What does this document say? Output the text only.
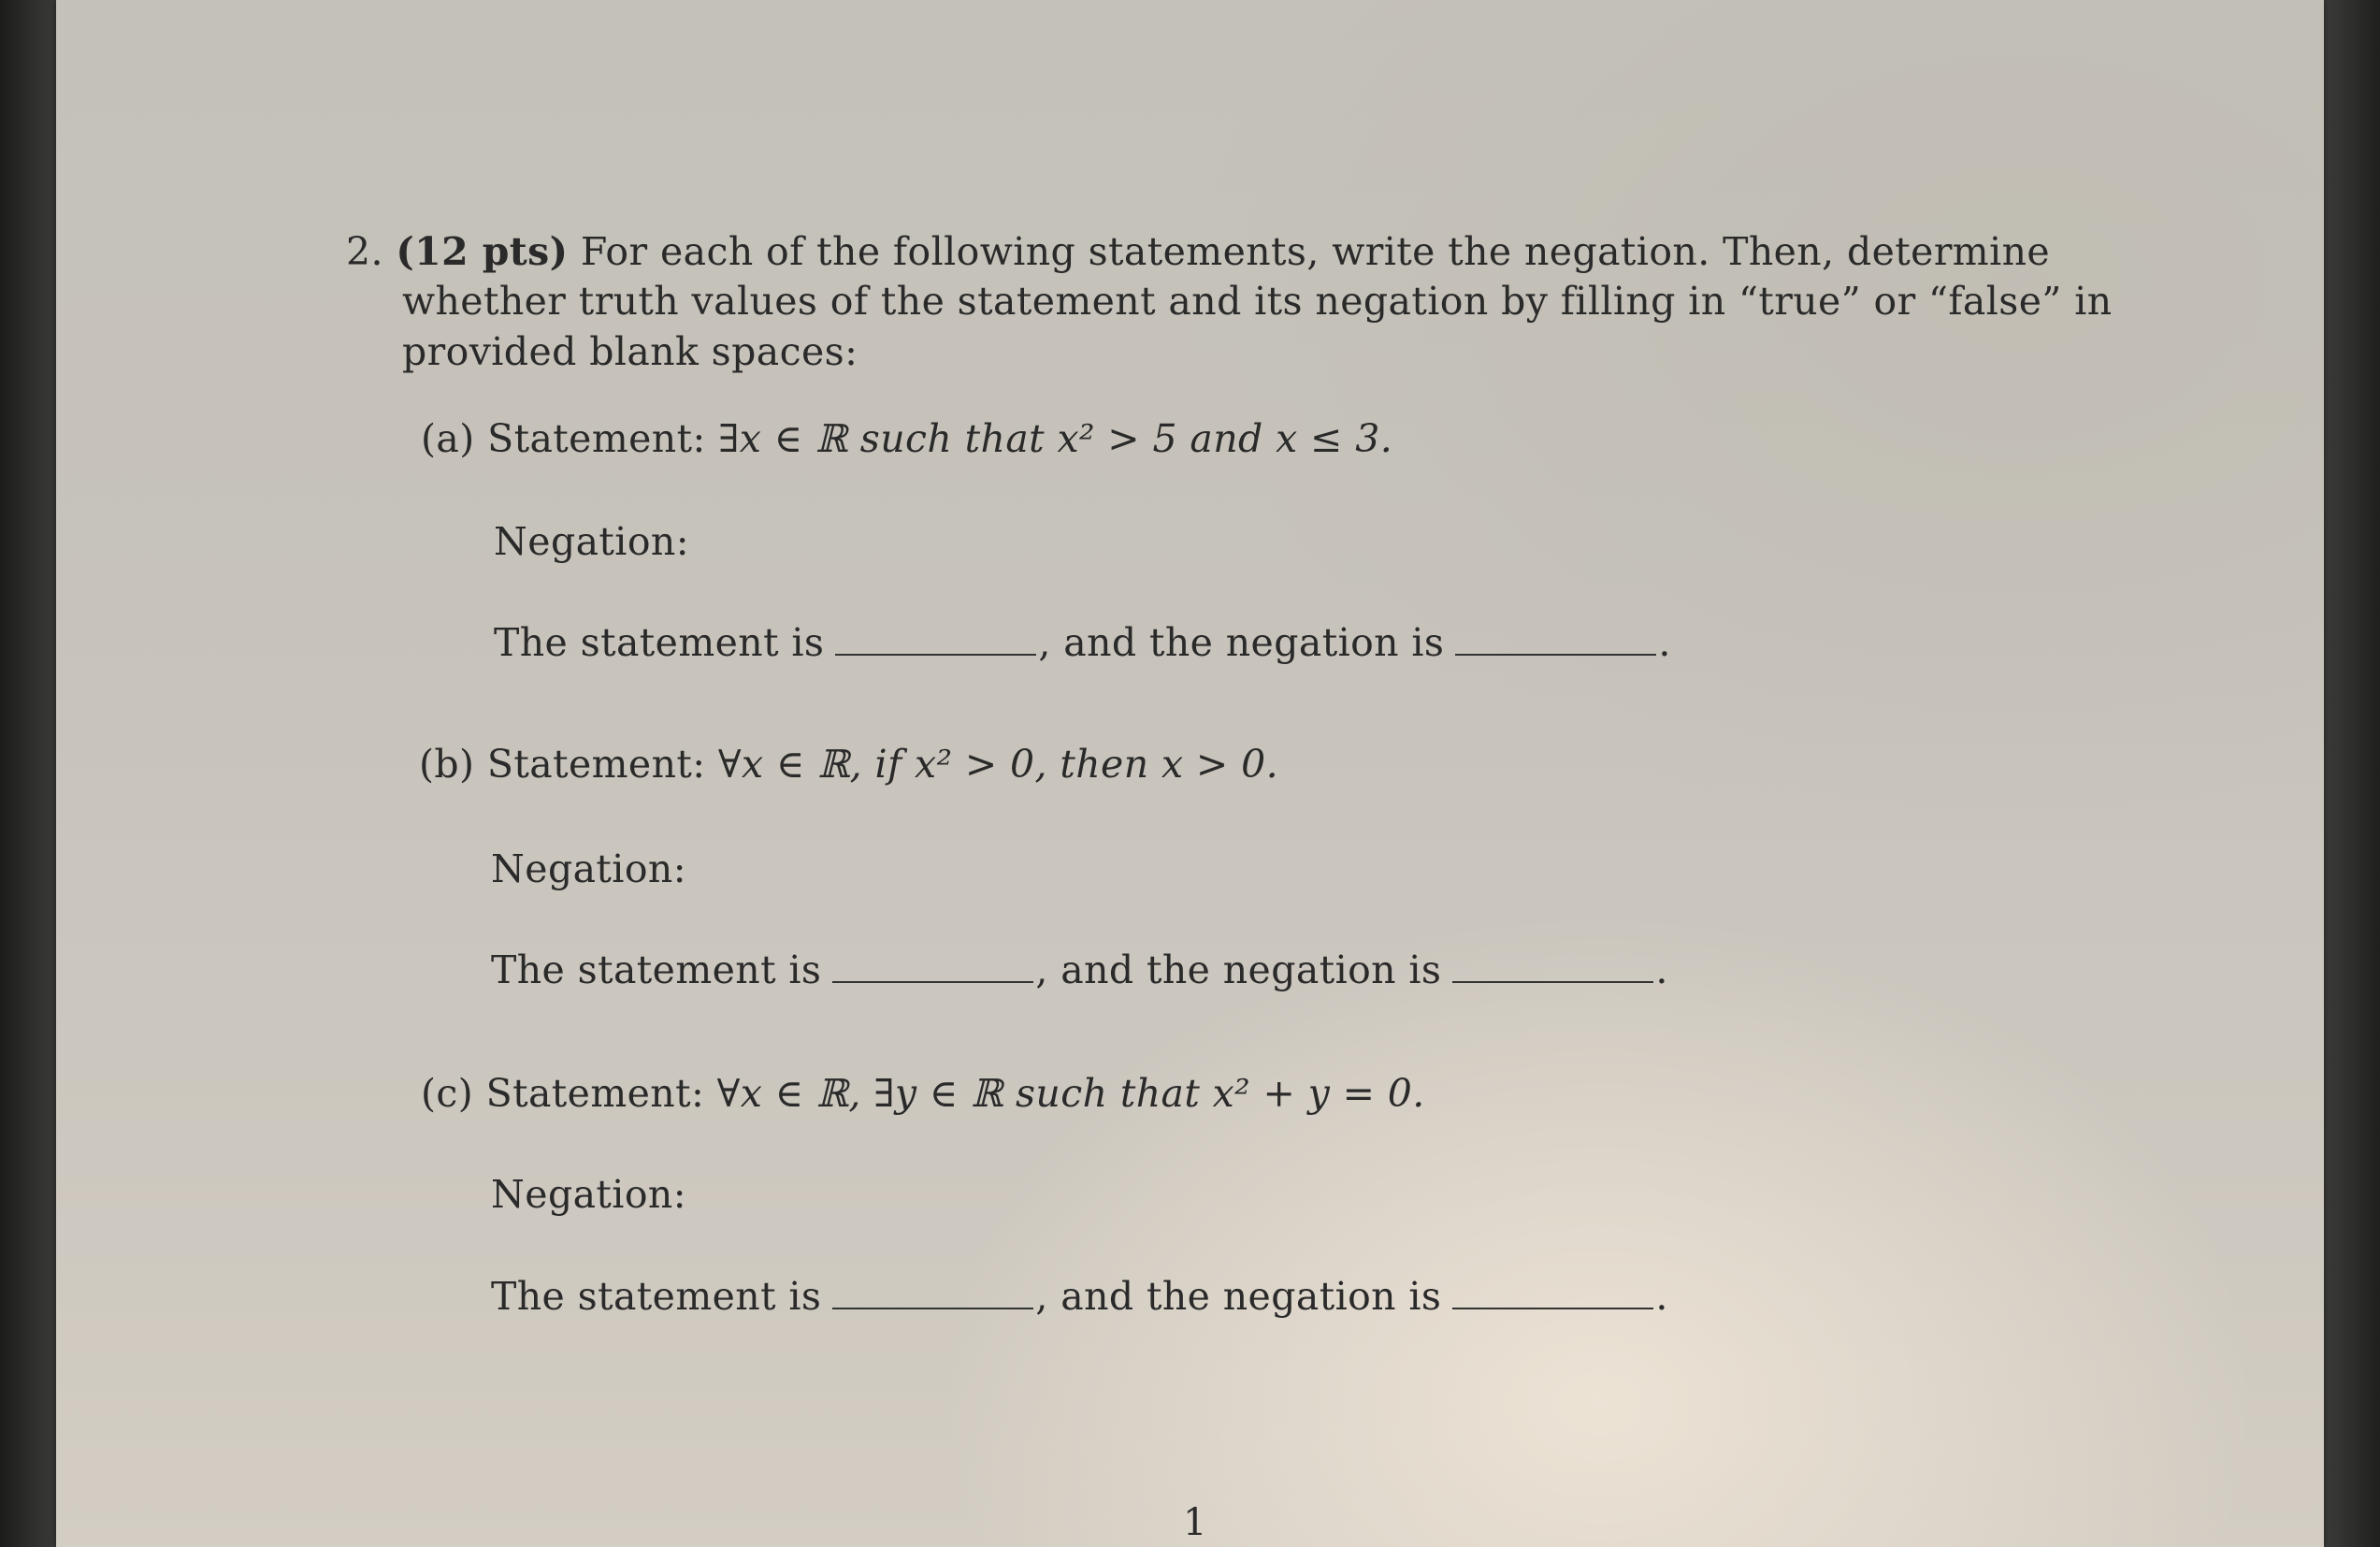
2. (12 pts) For each of the following statements, write the negation. Then, determine
whether truth values of the statement and its negation by filling in “true” or “false” in
provided blank spaces:
(a) Statement: ∃x ∈ ℝ such that x² > 5 and x ≤ 3.
Negation:
The statement is	, and the negation is	.
(b) Statement: ∀x ∈ ℝ, if x² > 0, then x > 0.
Negation:
The statement is	, and the negation is	.
(c) Statement: ∀x ∈ ℝ, ∃y ∈ ℝ such that x² + y = 0.
Negation:
The statement is	, and the negation is	.
1
